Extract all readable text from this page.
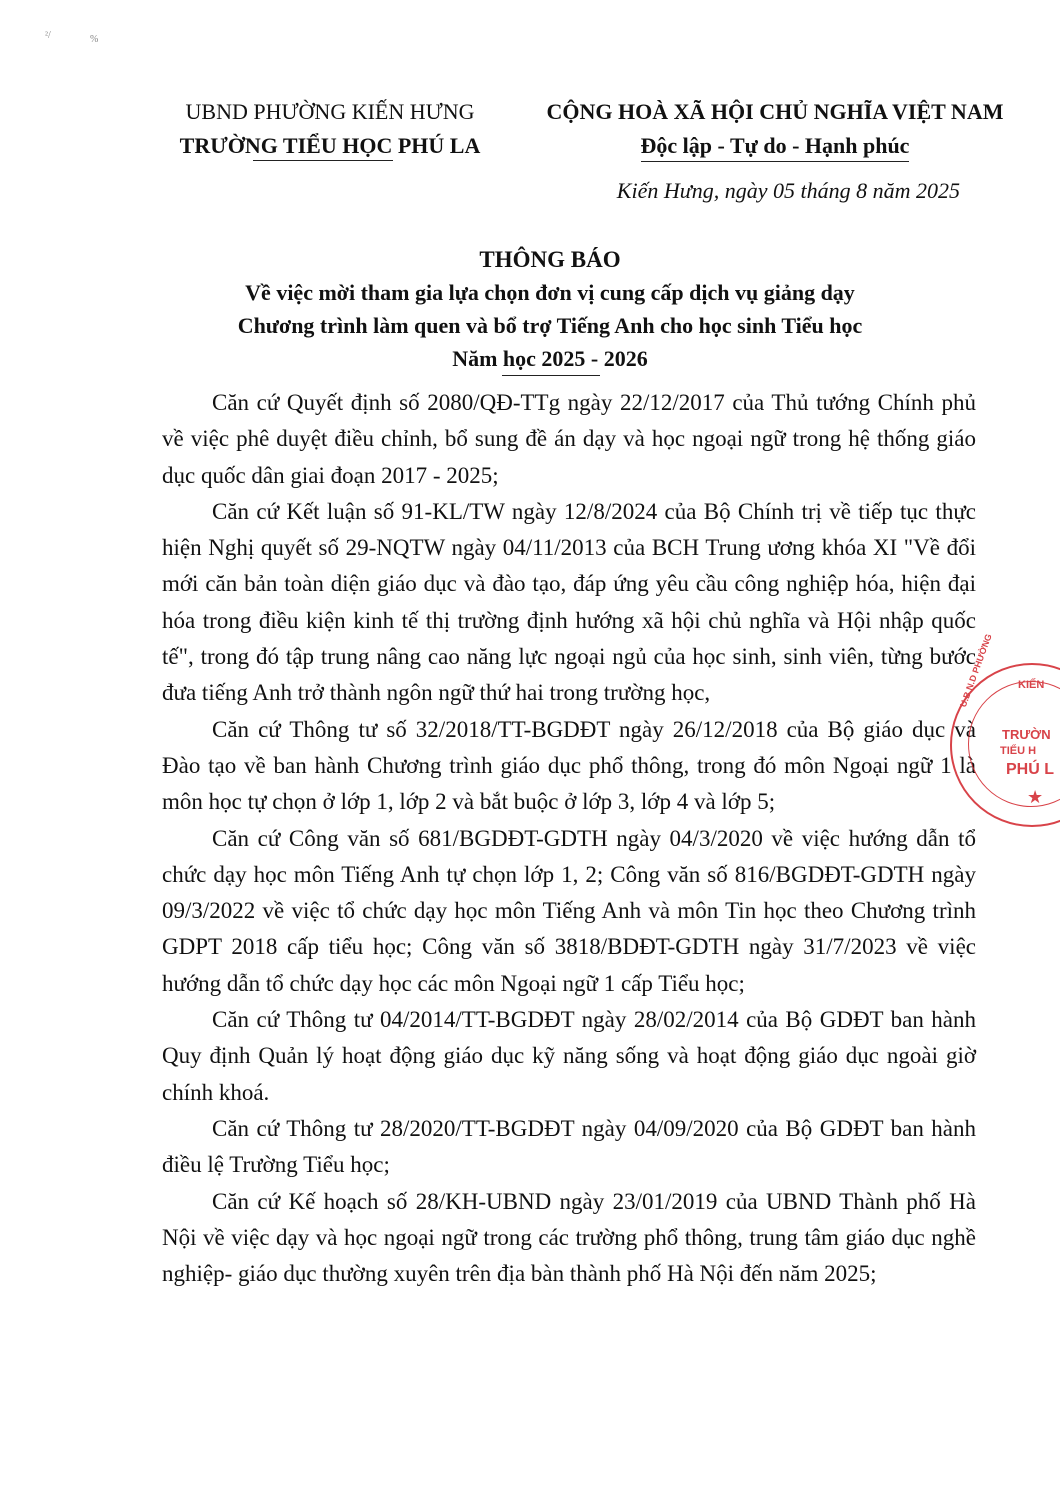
²/	%
UBND PHƯỜNG KIẾN HƯNG
TRƯỜNG TIỂU HỌC PHÚ LA
CỘNG HOÀ XÃ HỘI CHỦ NGHĨA VIỆT NAM
Độc lập - Tự do - Hạnh phúc
Kiến Hưng, ngày 05 tháng 8 năm 2025
THÔNG BÁO
Về việc mời tham gia lựa chọn đơn vị cung cấp dịch vụ giảng dạy
Chương trình làm quen và bổ trợ Tiếng Anh cho học sinh Tiểu học
Năm học 2025 - 2026

Căn cứ Quyết định số 2080/QĐ-TTg ngày 22/12/2017 của Thủ tướng Chính phủ về việc phê duyệt điều chỉnh, bổ sung đề án dạy và học ngoại ngữ trong hệ thống giáo dục quốc dân giai đoạn 2017 - 2025;

Căn cứ Kết luận số 91-KL/TW ngày 12/8/2024 của Bộ Chính trị về tiếp tục thực hiện Nghị quyết số 29-NQTW ngày 04/11/2013 của BCH Trung ương khóa XI "Về đổi mới căn bản toàn diện giáo dục và đào tạo, đáp ứng yêu cầu công nghiệp hóa, hiện đại hóa trong điều kiện kinh tế thị trường định hướng xã hội chủ nghĩa và Hội nhập quốc tế", trong đó tập trung nâng cao năng lực ngoại ngủ của học sinh, sinh viên, từng bước đưa tiếng Anh trở thành ngôn ngữ thứ hai trong trường học,

Căn cứ Thông tư số 32/2018/TT-BGDĐT ngày 26/12/2018 của Bộ giáo dục và Đào tạo về ban hành Chương trình giáo dục phổ thông, trong đó môn Ngoại ngữ 1 là môn học tự chọn ở lớp 1, lớp 2 và bắt buộc ở lớp 3, lớp 4 và lớp 5;

Căn cứ Công văn số 681/BGDĐT-GDTH ngày 04/3/2020 về việc hướng dẫn tổ chức dạy học môn Tiếng Anh tự chọn lớp 1, 2; Công văn số 816/BGDĐT-GDTH ngày 09/3/2022 về việc tổ chức dạy học môn Tiếng Anh và môn Tin học theo Chương trình GDPT 2018 cấp tiểu học; Công văn số 3818/BDĐT-GDTH ngày 31/7/2023 về việc hướng dẫn tổ chức dạy học các môn Ngoại ngữ 1 cấp Tiểu học;

Căn cứ Thông tư 04/2014/TT-BGDĐT ngày 28/02/2014 của Bộ GDĐT ban hành Quy định Quản lý hoạt động giáo dục kỹ năng sống và hoạt động giáo dục ngoài giờ chính khoá.

Căn cứ Thông tư 28/2020/TT-BGDĐT ngày 04/09/2020 của Bộ GDĐT ban hành điều lệ Trường Tiểu học;

Căn cứ Kế hoạch số 28/KH-UBND ngày 23/01/2019 của UBND Thành phố Hà Nội về việc dạy và học ngoại ngữ trong các trường phổ thông, trung tâm giáo dục nghề nghiệp- giáo dục thường xuyên trên địa bàn thành phố Hà Nội đến năm 2025;

KIẾN
U.B.N.D PHƯỜNG
TRƯỜN
TIỂU H
PHÚ L
★
